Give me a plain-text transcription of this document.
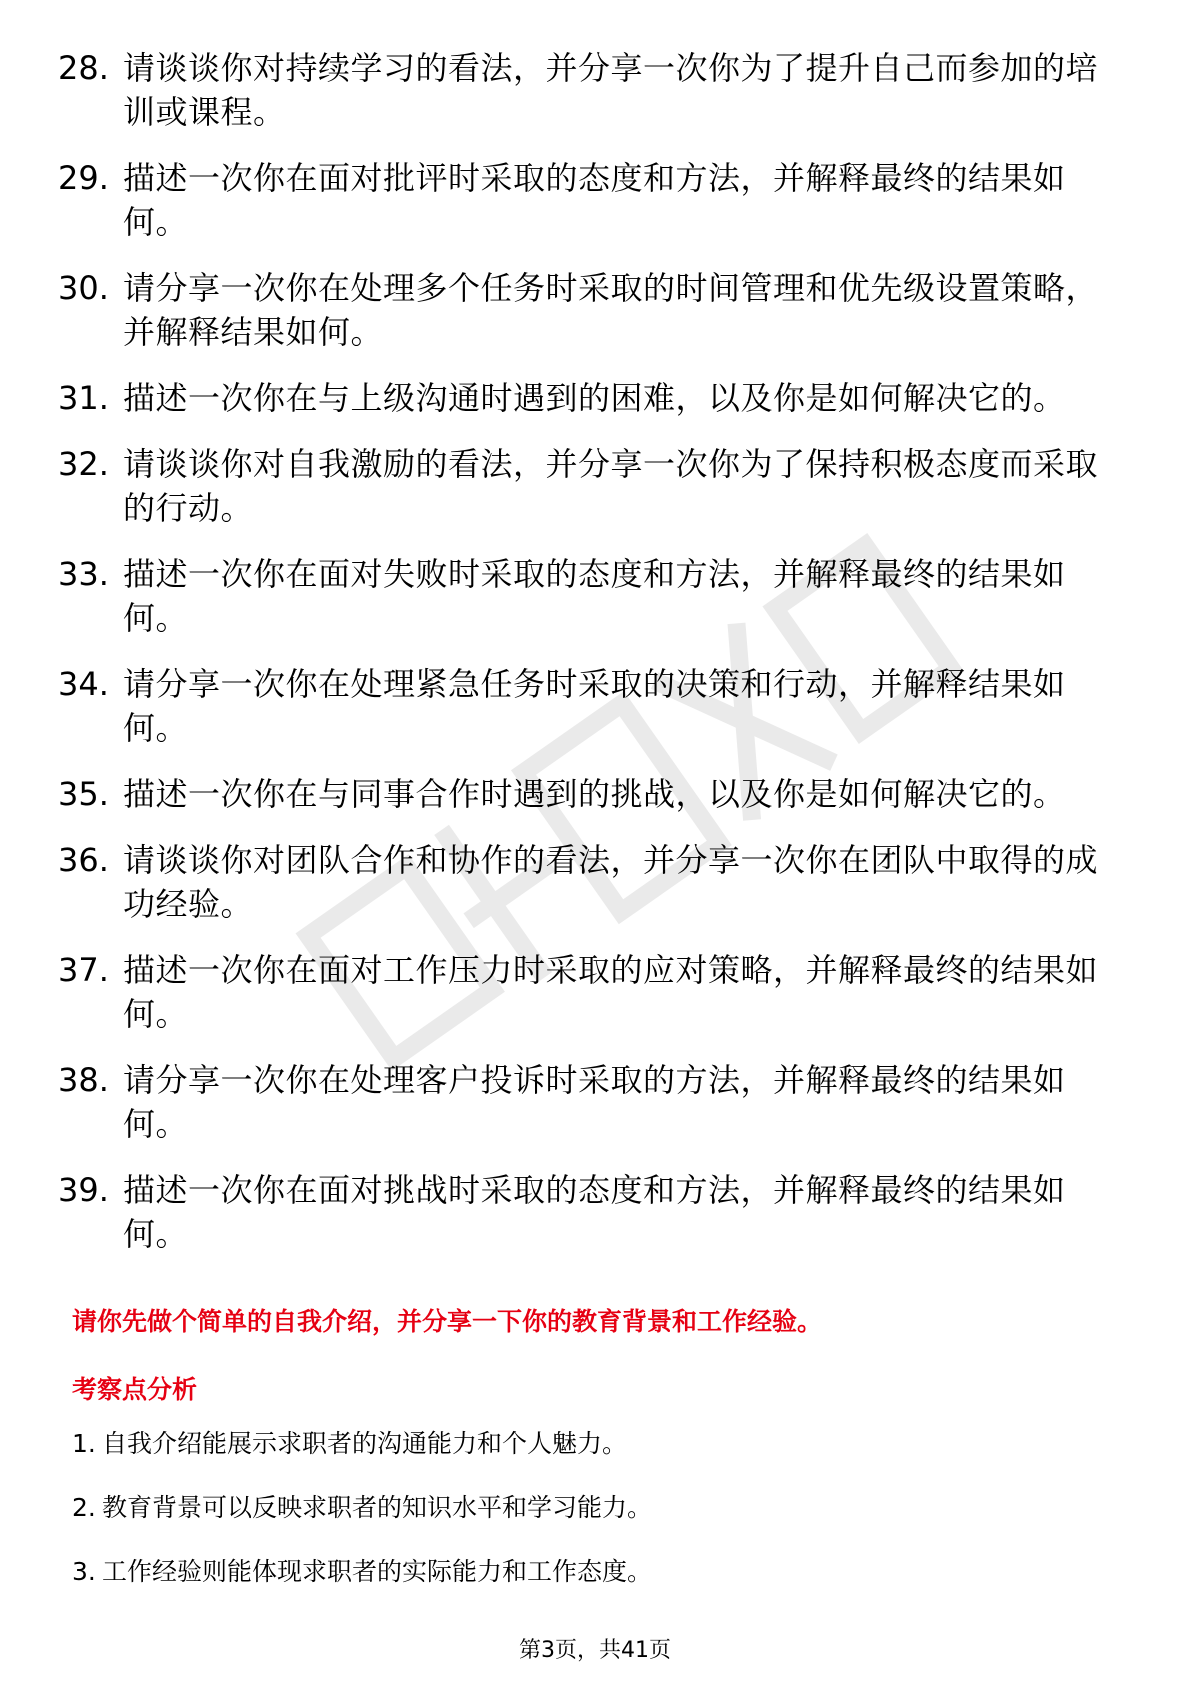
28. 请谈谈你对持续学习的看法，并分享一次你为了提升自己而参加的培训或课程。
29. 描述一次你在面对批评时采取的态度和方法，并解释最终的结果如何。
30. 请分享一次你在处理多个任务时采取的时间管理和优先级设置策略，并解释结果如何。
31. 描述一次你在与上级沟通时遇到的困难，以及你是如何解决它的。
32. 请谈谈你对自我激励的看法，并分享一次你为了保持积极态度而采取的行动。
33. 描述一次你在面对失败时采取的态度和方法，并解释最终的结果如何。
34. 请分享一次你在处理紧急任务时采取的决策和行动，并解释结果如何。
35. 描述一次你在与同事合作时遇到的挑战，以及你是如何解决它的。
36. 请谈谈你对团队合作和协作的看法，并分享一次你在团队中取得的成功经验。
37. 描述一次你在面对工作压力时采取的应对策略，并解释最终的结果如何。
38. 请分享一次你在处理客户投诉时采取的方法，并解释最终的结果如何。
39. 描述一次你在面对挑战时采取的态度和方法，并解释最终的结果如何。
请你先做个简单的自我介绍，并分享一下你的教育背景和工作经验。
考察点分析
1. 自我介绍能展示求职者的沟通能力和个人魅力。
2. 教育背景可以反映求职者的知识水平和学习能力。
3. 工作经验则能体现求职者的实际能力和工作态度。
第3页，共41页
